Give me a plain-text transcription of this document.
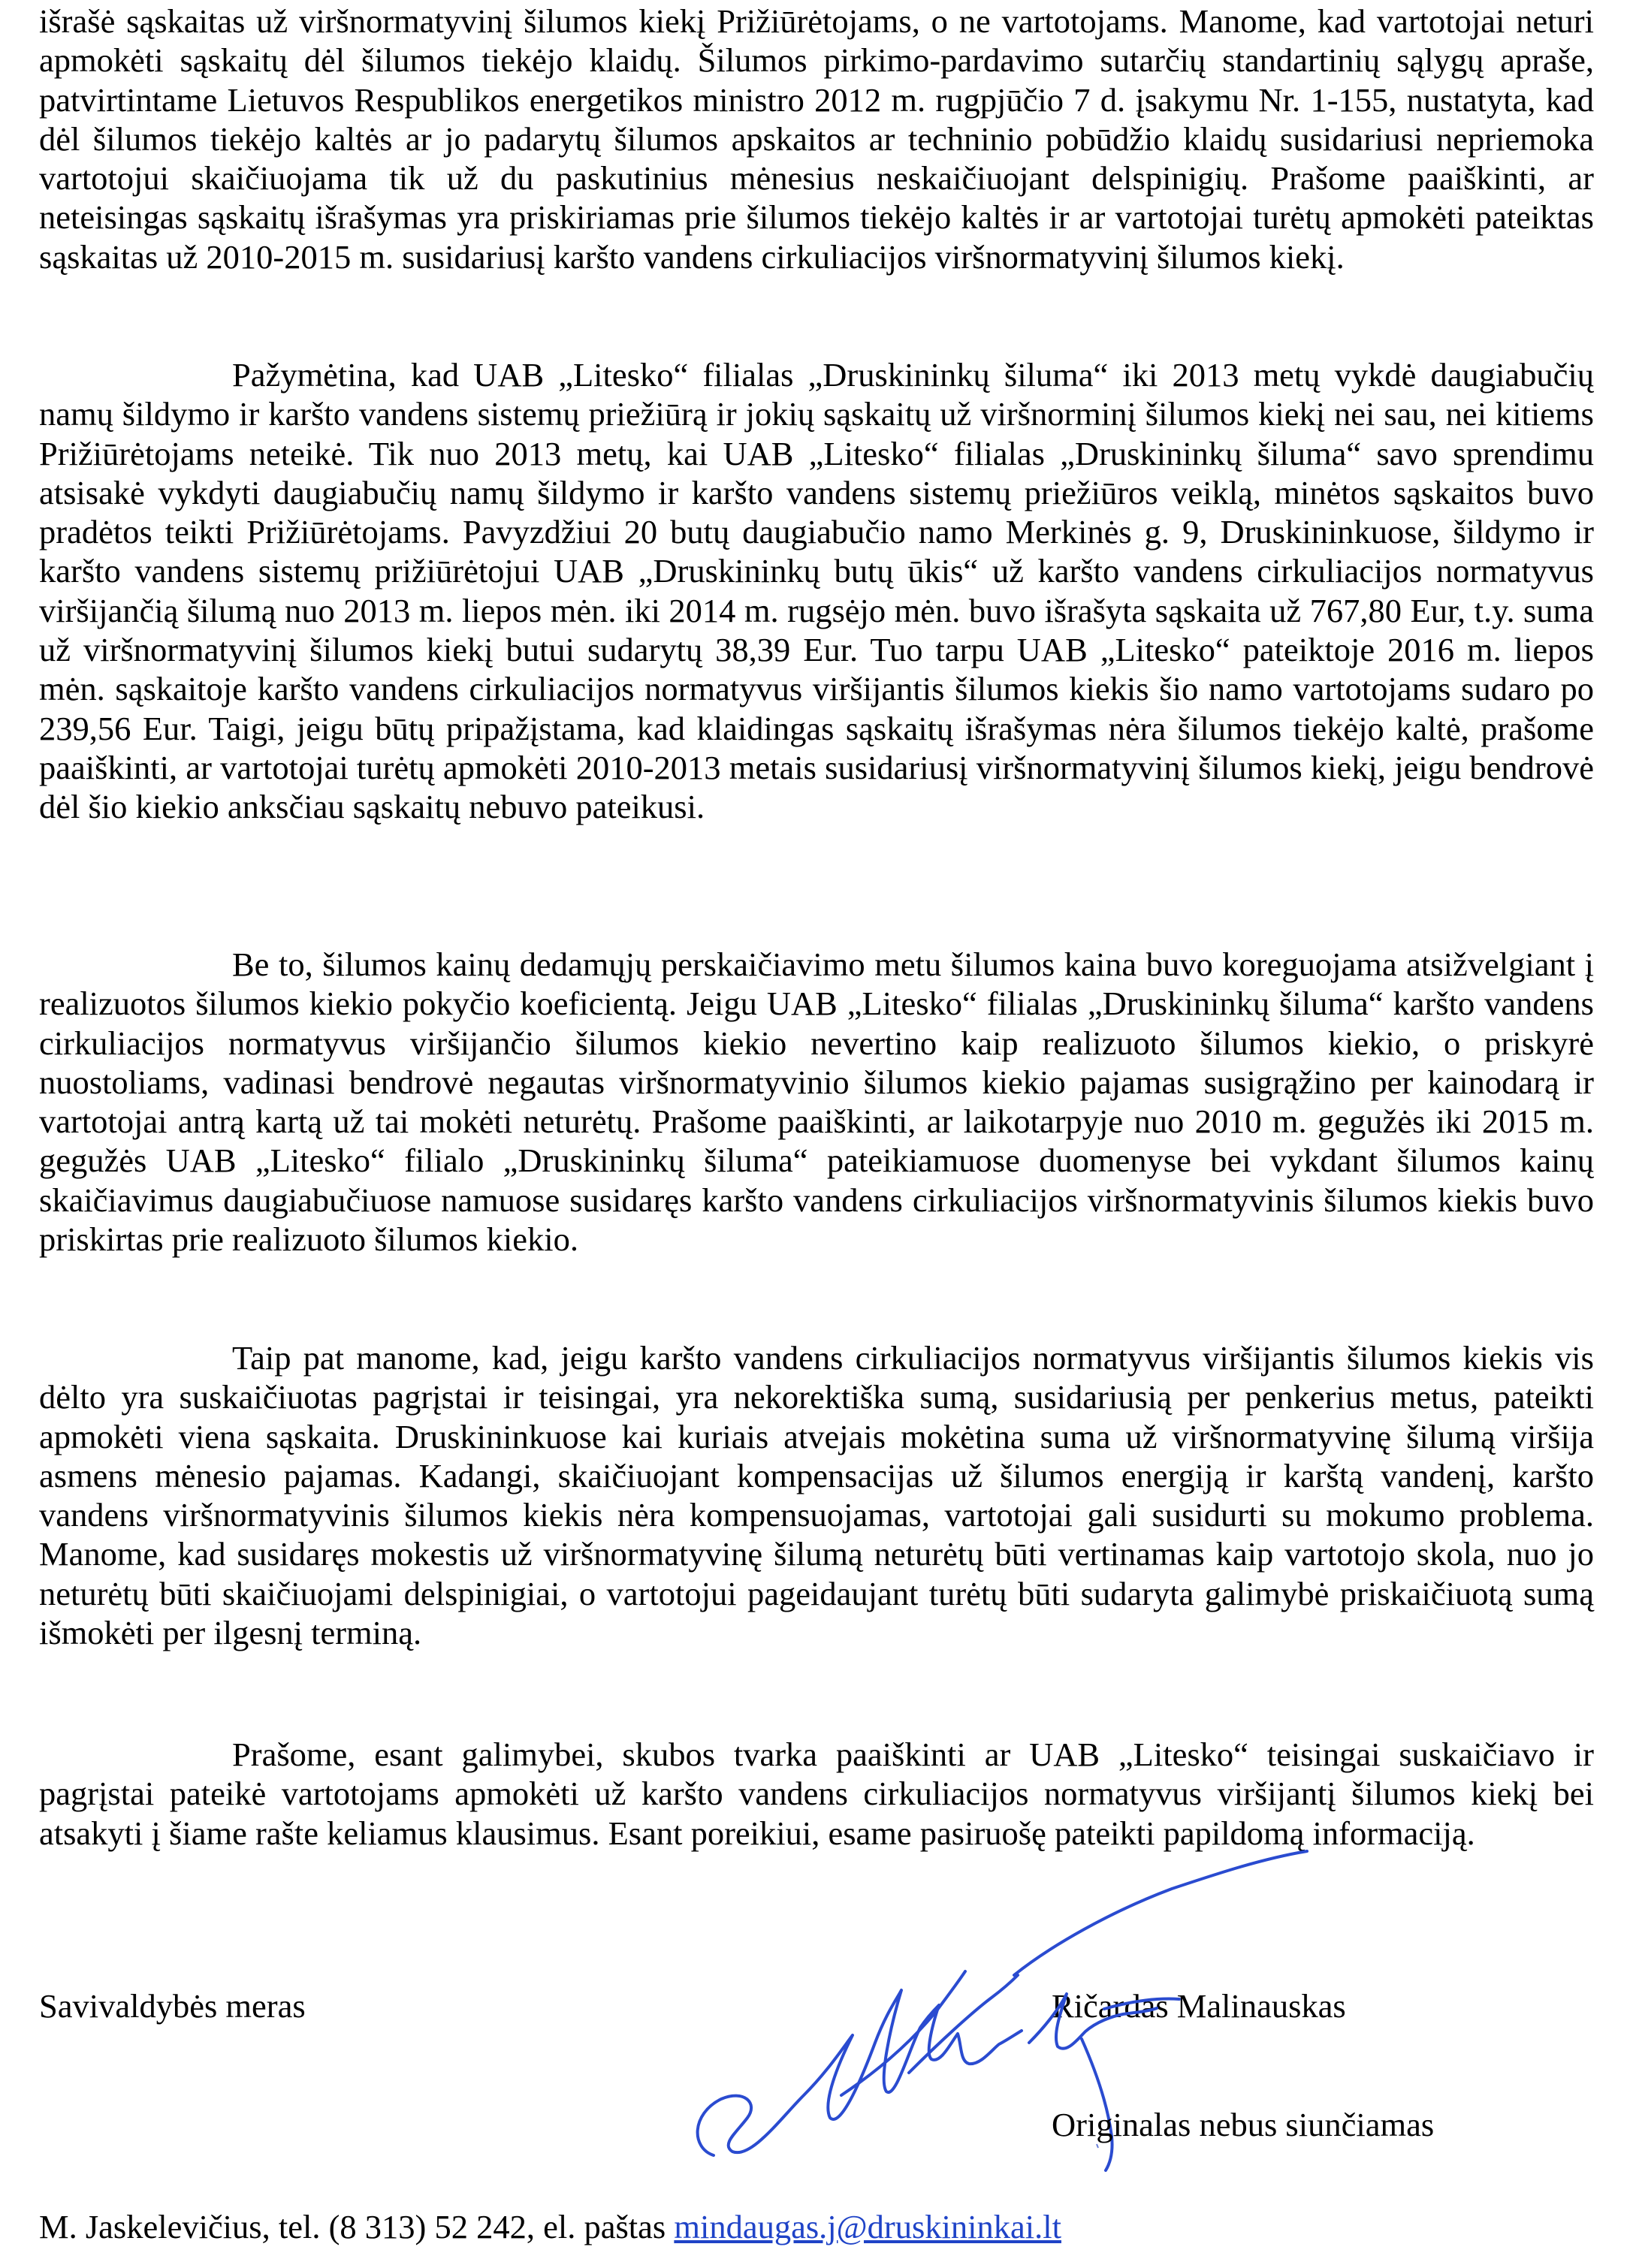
išrašė sąskaitas už viršnormatyvinį šilumos kiekį Prižiūrėtojams, o ne vartotojams. Manome, kad vartotojai neturi apmokėti sąskaitų dėl šilumos tiekėjo klaidų. Šilumos pirkimo-pardavimo sutarčių standartinių sąlygų apraše, patvirtintame Lietuvos Respublikos energetikos ministro 2012 m. rugpjūčio 7 d. įsakymu Nr. 1-155, nustatyta, kad dėl šilumos tiekėjo kaltės ar jo padarytų šilumos apskaitos ar techninio pobūdžio klaidų susidariusi nepriemoka vartotojui skaičiuojama tik už du paskutinius mėnesius neskaičiuojant delspinigių. Prašome paaiškinti, ar neteisingas sąskaitų išrašymas yra priskiriamas prie šilumos tiekėjo kaltės ir ar vartotojai turėtų apmokėti pateiktas sąskaitas už 2010-2015 m. susidariusį karšto vandens cirkuliacijos viršnormatyvinį šilumos kiekį.

Pažymėtina, kad UAB „Litesko“ filialas „Druskininkų šiluma“ iki 2013 metų vykdė daugiabučių namų šildymo ir karšto vandens sistemų priežiūrą ir jokių sąskaitų už viršnorminį šilumos kiekį nei sau, nei kitiems Prižiūrėtojams neteikė. Tik nuo 2013 metų, kai UAB „Litesko“ filialas „Druskininkų šiluma“ savo sprendimu atsisakė vykdyti daugiabučių namų šildymo ir karšto vandens sistemų priežiūros veiklą, minėtos sąskaitos buvo pradėtos teikti Prižiūrėtojams. Pavyzdžiui 20 butų daugiabučio namo Merkinės g. 9, Druskininkuose, šildymo ir karšto vandens sistemų prižiūrėtojui UAB „Druskininkų butų ūkis“ už karšto vandens cirkuliacijos normatyvus viršijančią šilumą nuo 2013 m. liepos mėn. iki 2014 m. rugsėjo mėn. buvo išrašyta sąskaita už 767,80 Eur, t.y. suma už viršnormatyvinį šilumos kiekį butui sudarytų 38,39 Eur. Tuo tarpu UAB „Litesko“ pateiktoje 2016 m. liepos mėn. sąskaitoje karšto vandens cirkuliacijos normatyvus viršijantis šilumos kiekis šio namo vartotojams sudaro po 239,56 Eur. Taigi, jeigu būtų pripažįstama, kad klaidingas sąskaitų išrašymas nėra šilumos tiekėjo kaltė, prašome paaiškinti, ar vartotojai turėtų apmokėti 2010-2013 metais susidariusį viršnormatyvinį šilumos kiekį, jeigu bendrovė dėl šio kiekio anksčiau sąskaitų nebuvo pateikusi.

Be to, šilumos kainų dedamųjų perskaičiavimo metu šilumos kaina buvo koreguojama atsižvelgiant į realizuotos šilumos kiekio pokyčio koeficientą. Jeigu UAB „Litesko“ filialas „Druskininkų šiluma“ karšto vandens cirkuliacijos normatyvus viršijančio šilumos kiekio nevertino kaip realizuoto šilumos kiekio, o priskyrė nuostoliams, vadinasi bendrovė negautas viršnormatyvinio šilumos kiekio pajamas susigrąžino per kainodarą ir vartotojai antrą kartą už tai mokėti neturėtų. Prašome paaiškinti, ar laikotarpyje nuo 2010 m. gegužės iki 2015 m. gegužės UAB „Litesko“ filialo „Druskininkų šiluma“ pateikiamuose duomenyse bei vykdant šilumos kainų skaičiavimus daugiabučiuose namuose susidaręs karšto vandens cirkuliacijos viršnormatyvinis šilumos kiekis buvo priskirtas prie realizuoto šilumos kiekio.

Taip pat manome, kad, jeigu karšto vandens cirkuliacijos normatyvus viršijantis šilumos kiekis vis dėlto yra suskaičiuotas pagrįstai ir teisingai, yra nekorektiška sumą, susidariusią per penkerius metus, pateikti apmokėti viena sąskaita. Druskininkuose kai kuriais atvejais mokėtina suma už viršnormatyvinę šilumą viršija asmens mėnesio pajamas. Kadangi, skaičiuojant kompensacijas už šilumos energiją ir karštą vandenį, karšto vandens viršnormatyvinis šilumos kiekis nėra kompensuojamas, vartotojai gali susidurti su mokumo problema. Manome, kad susidaręs mokestis už viršnormatyvinę šilumą neturėtų būti vertinamas kaip vartotojo skola, nuo jo neturėtų būti skaičiuojami delspinigiai, o vartotojui pageidaujant turėtų būti sudaryta galimybė priskaičiuotą sumą išmokėti per ilgesnį terminą.

Prašome, esant galimybei, skubos tvarka paaiškinti ar UAB „Litesko“ teisingai suskaičiavo ir pagrįstai pateikė vartotojams apmokėti už karšto vandens cirkuliacijos normatyvus viršijantį šilumos kiekį bei atsakyti į šiame rašte keliamus klausimus. Esant poreikiui, esame pasiruošę pateikti papildomą informaciją.

Savivaldybės meras	Ričardas Malinauskas
Originalas nebus siunčiamas
M. Jaskelevičius, tel. (8 313) 52 242, el. paštas mindaugas.j@druskininkai.lt
